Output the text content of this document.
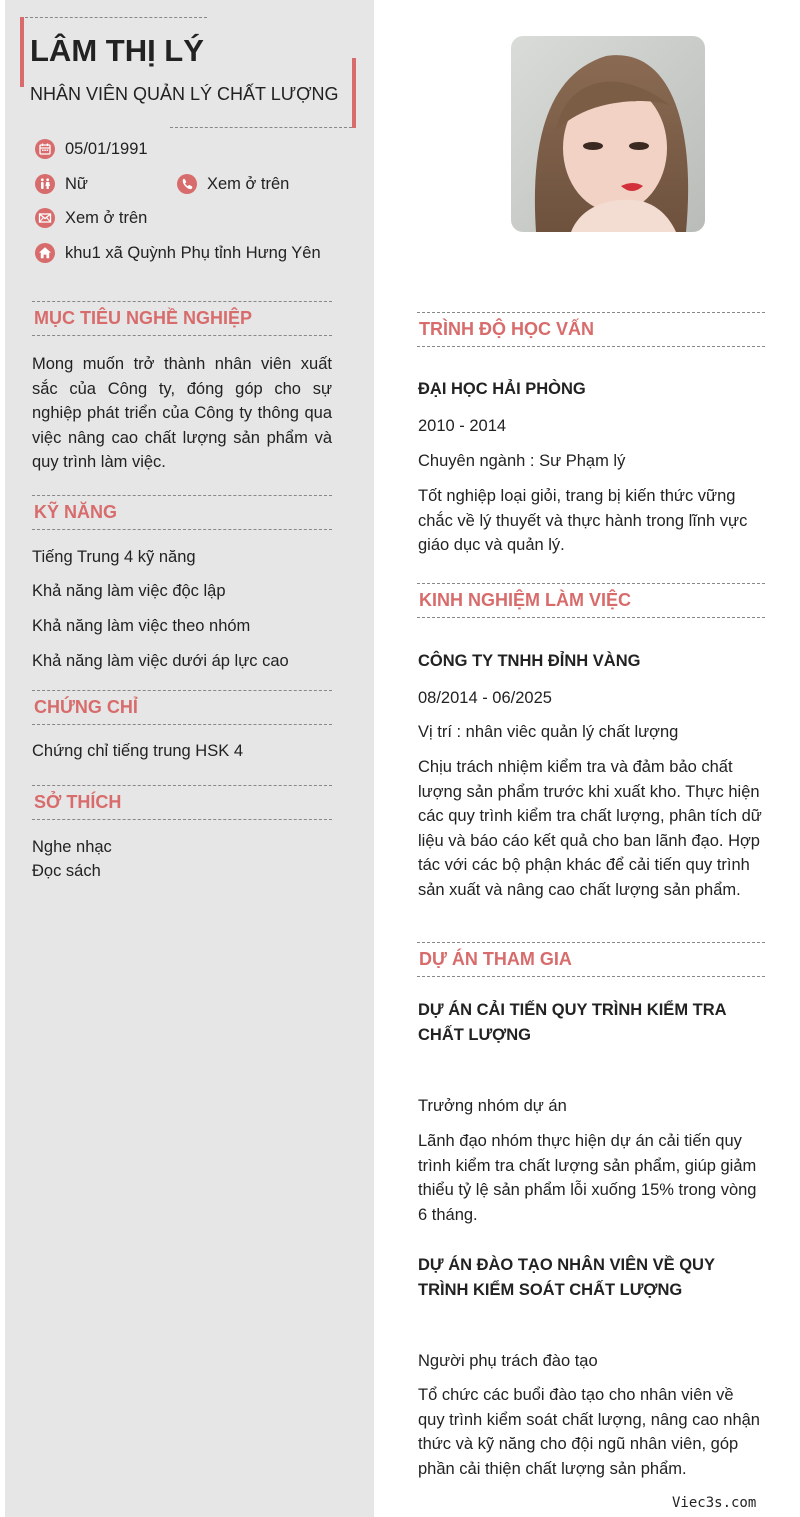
LÂM THỊ LÝ
NHÂN VIÊN QUẢN LÝ CHẤT LƯỢNG
05/01/1991
Nữ	Xem ở trên
Xem ở trên
khu1 xã Quỳnh Phụ tỉnh Hưng Yên
MỤC TIÊU NGHỀ NGHIỆP
Mong muốn trở thành nhân viên xuất sắc của Công ty, đóng góp cho sự nghiệp phát triển của Công ty thông qua việc nâng cao chất lượng sản phẩm và quy trình làm việc.
KỸ NĂNG
Tiếng Trung 4 kỹ năng
Khả năng làm việc độc lập
Khả năng làm việc theo nhóm
Khả năng làm việc dưới áp lực cao
CHỨNG CHỈ
Chứng chỉ tiếng trung HSK 4
SỞ THÍCH
Nghe nhạc
Đọc sách
TRÌNH ĐỘ HỌC VẤN
ĐẠI HỌC HẢI PHÒNG
2010 - 2014
Chuyên ngành : Sư Phạm lý
Tốt nghiệp loại giỏi, trang bị kiến thức vững chắc về lý thuyết và thực hành trong lĩnh vực giáo dục và quản lý.
KINH NGHIỆM LÀM VIỆC
CÔNG TY TNHH ĐỈNH VÀNG
08/2014 - 06/2025
Vị trí : nhân viêc quản lý chất lượng
Chịu trách nhiệm kiểm tra và đảm bảo chất lượng sản phẩm trước khi xuất kho. Thực hiện các quy trình kiểm tra chất lượng, phân tích dữ liệu và báo cáo kết quả cho ban lãnh đạo. Hợp tác với các bộ phận khác để cải tiến quy trình sản xuất và nâng cao chất lượng sản phẩm.
DỰ ÁN THAM GIA
DỰ ÁN CẢI TIẾN QUY TRÌNH KIỂM TRA CHẤT LƯỢNG
Trưởng nhóm dự án
Lãnh đạo nhóm thực hiện dự án cải tiến quy trình kiểm tra chất lượng sản phẩm, giúp giảm thiểu tỷ lệ sản phẩm lỗi xuống 15% trong vòng 6 tháng.
DỰ ÁN ĐÀO TẠO NHÂN VIÊN VỀ QUY TRÌNH KIỂM SOÁT CHẤT LƯỢNG
Người phụ trách đào tạo
Tổ chức các buổi đào tạo cho nhân viên về quy trình kiểm soát chất lượng, nâng cao nhận thức và kỹ năng cho đội ngũ nhân viên, góp phần cải thiện chất lượng sản phẩm.
Viec3s.com
